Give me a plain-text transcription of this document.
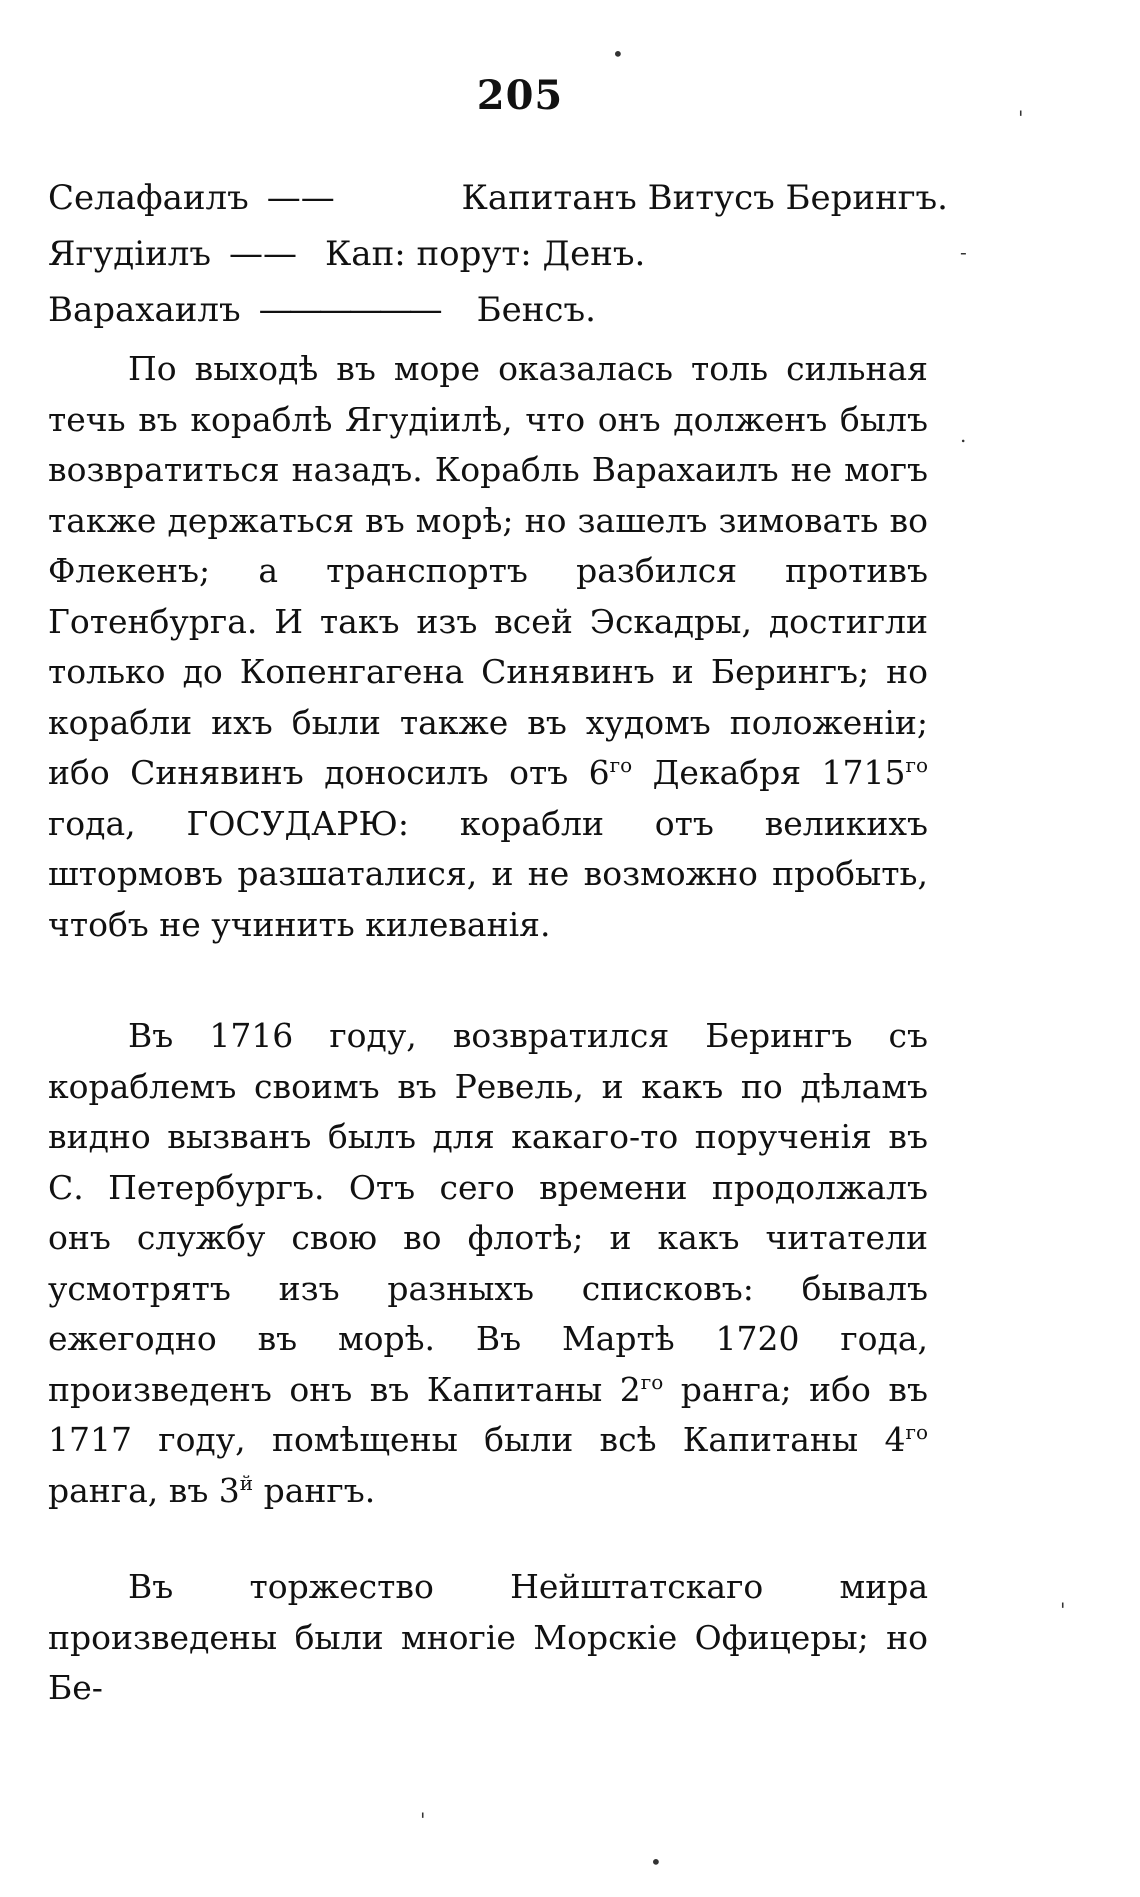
205
Селафаилъ ——	Капитанъ Витусъ Берингъ.
Ягудіилъ —— Кап: порут: Денъ.
Варахаилъ —————— Бенсъ.

По выходѣ въ море оказалась толь сильная течь въ кораблѣ Ягудіилѣ, что онъ долженъ былъ возвратиться назадъ. Корабль Варахаилъ не могъ также держаться въ морѣ; но зашелъ зимовать во Флекенъ; а транспортъ разбился противъ Готенбурга. И такъ изъ всей Эскадры, достигли только до Копенгагена Синявинъ и Берингъ; но корабли ихъ были также въ худомъ положеніи; ибо Синявинъ доносилъ отъ $6^{го}$ Декабря $1715^{го}$ года, ГОСУДАРЮ: корабли отъ великихъ штормовъ разшаталися, и не возможно пробыть, чтобъ не учинить килеванія.

Въ 1716 году, возвратился Берингъ съ кораблемъ своимъ въ Ревель, и какъ по дѣламъ видно вызванъ былъ для какаго-то порученія въ С. Петербургъ. Отъ сего времени продолжалъ онъ службу свою во флотѣ; и какъ читатели усмотрятъ изъ разныхъ списковъ: бывалъ ежегодно въ морѣ. Въ Мартѣ 1720 года, произведенъ онъ въ Капитаны $2^{го}$ ранга; ибо въ 1717 году, помѣщены были всѣ Капитаны $4^{го}$ ранга, въ $3^й$ рангъ.

Въ торжество Нейштатскаго мира произведены были многіе Морскіе Офицеры; но Бе-

•
'
-
.
'
•
'
